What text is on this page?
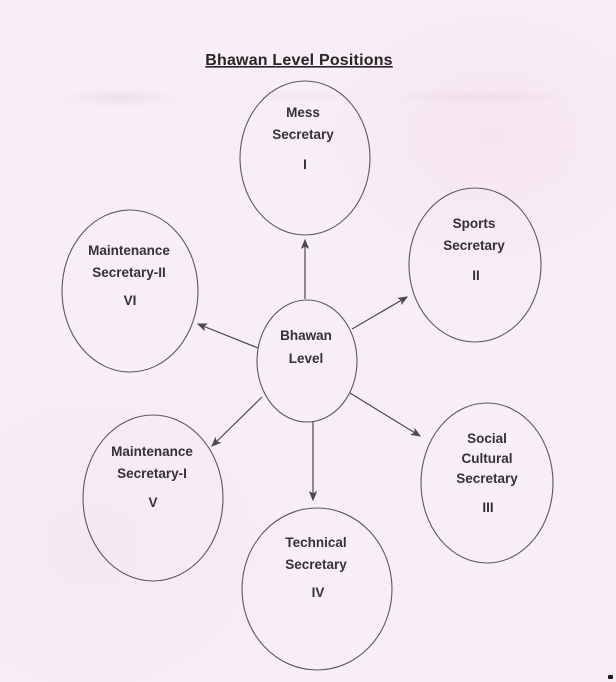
Bhawan Level Positions
Bhawan
Level
Mess
Secretary
I
Sports
Secretary
II
Social
Cultural
Secretary
III
Technical
Secretary
IV
Maintenance
Secretary-I
V
Maintenance
Secretary-II
VI
